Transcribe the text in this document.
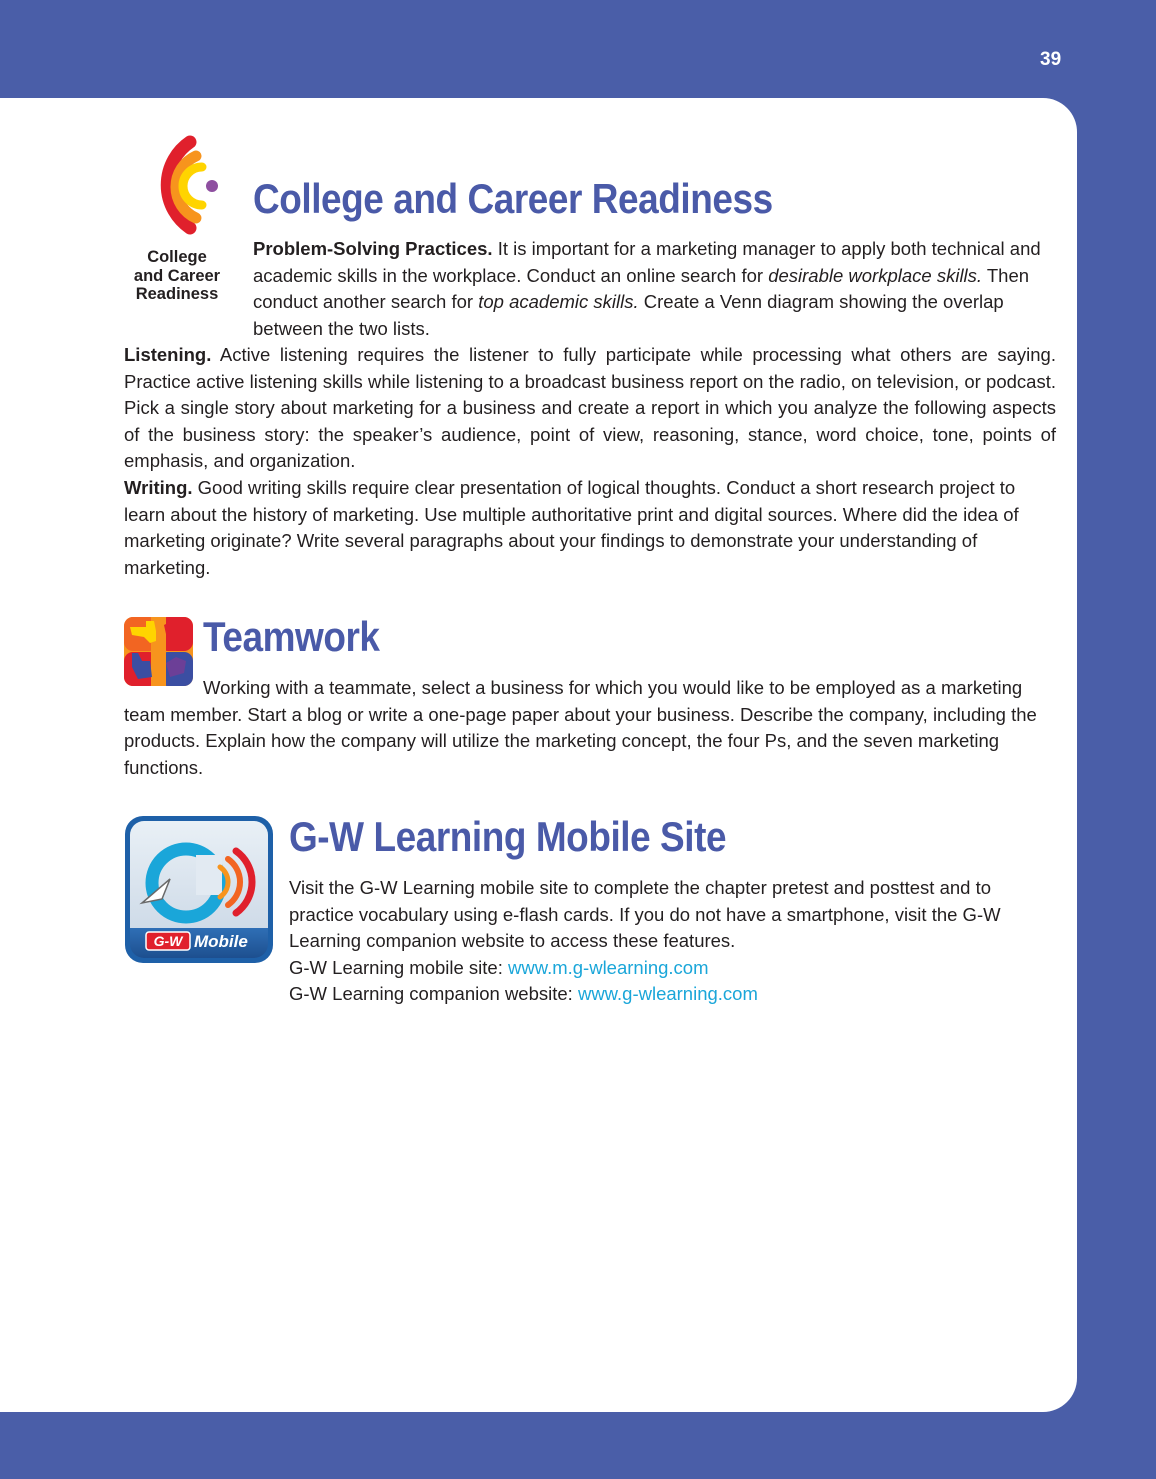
39
College
and Career
Readiness
College and Career Readiness

Problem-Solving Practices. It is important for a marketing manager to apply both technical and academic skills in the workplace. Conduct an online search for desirable workplace skills. Then conduct another search for top academic skills. Create a Venn diagram showing the overlap between the two lists.

Listening. Active listening requires the listener to fully participate while processing what others are saying. Practice active listening skills while listening to a broadcast business report on the radio, on television, or podcast. Pick a single story about marketing for a business and create a report in which you analyze the following aspects of the business story: the speaker’s audience, point of view, reasoning, stance, word choice, tone, points of emphasis, and organization.

Writing. Good writing skills require clear presentation of logical thoughts. Conduct a short research project to learn about the history of marketing. Use multiple authoritative print and digital sources. Where did the idea of marketing originate? Write several paragraphs about your findings to demonstrate your understanding of marketing.

Teamwork

Working with a teammate, select a business for which you would like to be employed as a marketing team member. Start a blog or write a one-page paper about your business. Describe the company, including the products. Explain how the company will utilize the marketing concept, the four Ps, and the seven marketing functions.

G-W Mobile
G-W Learning Mobile Site

Visit the G-W Learning mobile site to complete the chapter pretest and posttest and to practice vocabulary using e-flash cards. If you do not have a smartphone, visit the G-W Learning companion website to access these features.

G-W Learning mobile site: www.m.g-wlearning.com

G-W Learning companion website: www.g-wlearning.com
